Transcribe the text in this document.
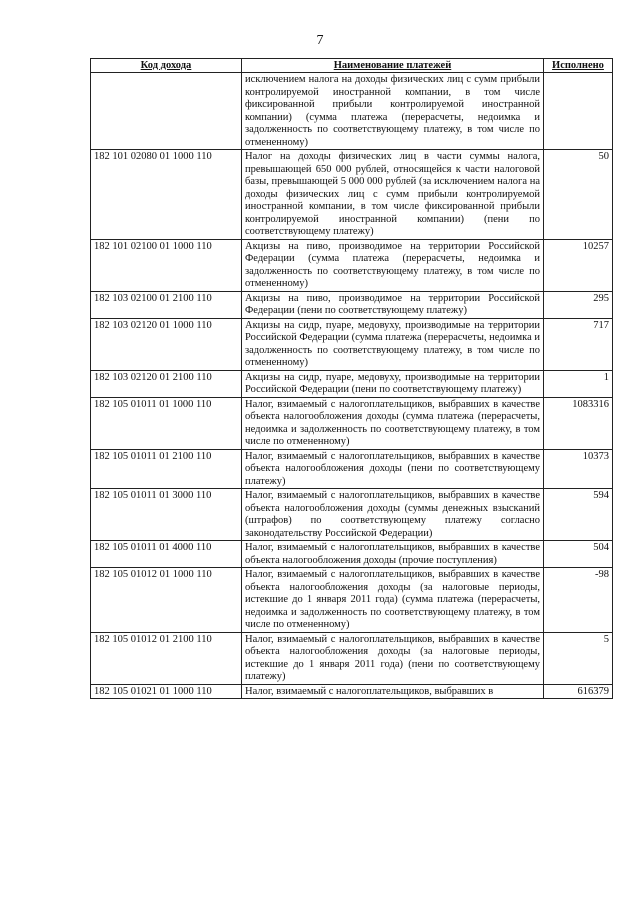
7
Код дохода	Наименование платежей	Исполнено
	исключением налога на доходы физических лиц с сумм прибыли контролируемой иностранной компании, в том числе фиксированной прибыли контролируемой иностранной компании) (сумма платежа (перерасчеты, недоимка и задолженность по соответствующему платежу, в том числе по отмененному)	
182 101 02080 01 1000 110	Налог на доходы физических лиц в части суммы налога, превышающей 650 000 рублей, относящейся к части налоговой базы, превышающей 5 000 000 рублей (за исключением налога на доходы физических лиц с сумм прибыли контролируемой иностранной компании, в том числе фиксированной прибыли контролируемой иностранной компании) (пени по соответствующему платежу)	50
182 101 02100 01 1000 110	Акцизы на пиво, производимое на территории Российской Федерации (сумма платежа (перерасчеты, недоимка и задолженность по соответствующему платежу, в том числе по отмененному)	10257
182 103 02100 01 2100 110	Акцизы на пиво, производимое на территории Российской Федерации (пени по соответствующему платежу)	295
182 103 02120 01 1000 110	Акцизы на сидр, пуаре, медовуху, производимые на территории Российской Федерации (сумма платежа (перерасчеты, недоимка и задолженность по соответствующему платежу, в том числе по отмененному)	717
182 103 02120 01 2100 110	Акцизы на сидр, пуаре, медовуху, производимые на территории Российской Федерации (пени по соответствующему платежу)	1
182 105 01011 01 1000 110	Налог, взимаемый с налогоплательщиков, выбравших в качестве объекта налогообложения доходы (сумма платежа (перерасчеты, недоимка и задолженность по соответствующему платежу, в том числе по отмененному)	1083316
182 105 01011 01 2100 110	Налог, взимаемый с налогоплательщиков, выбравших в качестве объекта налогообложения доходы (пени по соответствующему платежу)	10373
182 105 01011 01 3000 110	Налог, взимаемый с налогоплательщиков, выбравших в качестве объекта налогообложения доходы (суммы денежных взысканий (штрафов) по соответствующему платежу согласно законодательству Российской Федерации)	594
182 105 01011 01 4000 110	Налог, взимаемый с налогоплательщиков, выбравших в качестве объекта налогообложения доходы (прочие поступления)	504
182 105 01012 01 1000 110	Налог, взимаемый с налогоплательщиков, выбравших в качестве объекта налогообложения доходы (за налоговые периоды, истекшие до 1 января 2011 года) (сумма платежа (перерасчеты, недоимка и задолженность по соответствующему платежу, в том числе по отмененному)	-98
182 105 01012 01 2100 110	Налог, взимаемый с налогоплательщиков, выбравших в качестве объекта налогообложения доходы (за налоговые периоды, истекшие до 1 января 2011 года) (пени по соответствующему платежу)	5
182 105 01021 01 1000 110	Налог, взимаемый с налогоплательщиков, выбравших в	616379
